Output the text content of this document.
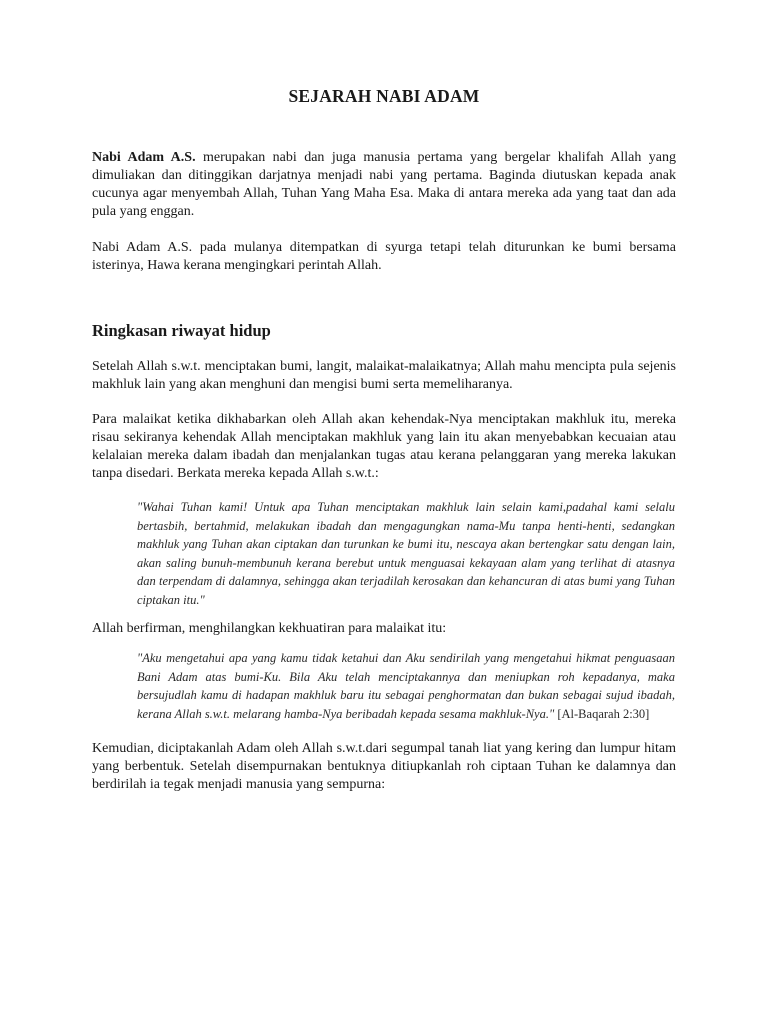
SEJARAH NABI ADAM

Nabi Adam A.S. merupakan nabi dan juga manusia pertama yang bergelar khalifah Allah yang dimuliakan dan ditinggikan darjatnya menjadi nabi yang pertama. Baginda diutuskan kepada anak cucunya agar menyembah Allah, Tuhan Yang Maha Esa. Maka di antara mereka ada yang taat dan ada pula yang enggan.

Nabi Adam A.S. pada mulanya ditempatkan di syurga tetapi telah diturunkan ke bumi bersama isterinya, Hawa kerana mengingkari perintah Allah.

Ringkasan riwayat hidup

Setelah Allah s.w.t. menciptakan bumi, langit, malaikat-malaikatnya; Allah mahu mencipta pula sejenis makhluk lain yang akan menghuni dan mengisi bumi serta memeliharanya.

Para malaikat ketika dikhabarkan oleh Allah akan kehendak-Nya menciptakan makhluk itu, mereka risau sekiranya kehendak Allah menciptakan makhluk yang lain itu akan menyebabkan kecuaian atau kelalaian mereka dalam ibadah dan menjalankan tugas atau kerana pelanggaran yang mereka lakukan tanpa disedari. Berkata mereka kepada Allah s.w.t.:

"Wahai Tuhan kami! Untuk apa Tuhan menciptakan makhluk lain selain kami,padahal kami selalu bertasbih, bertahmid, melakukan ibadah dan mengagungkan nama-Mu tanpa henti-henti, sedangkan makhluk yang Tuhan akan ciptakan dan turunkan ke bumi itu, nescaya akan bertengkar satu dengan lain, akan saling bunuh-membunuh kerana berebut untuk menguasai kekayaan alam yang terlihat di atasnya dan terpendam di dalamnya, sehingga akan terjadilah kerosakan dan kehancuran di atas bumi yang Tuhan ciptakan itu."

Allah berfirman, menghilangkan kekhuatiran para malaikat itu:

"Aku mengetahui apa yang kamu tidak ketahui dan Aku sendirilah yang mengetahui hikmat penguasaan Bani Adam atas bumi-Ku. Bila Aku telah menciptakannya dan meniupkan roh kepadanya, maka bersujudlah kamu di hadapan makhluk baru itu sebagai penghormatan dan bukan sebagai sujud ibadah, kerana Allah s.w.t. melarang hamba-Nya beribadah kepada sesama makhluk-Nya." [Al-Baqarah 2:30]

Kemudian, diciptakanlah Adam oleh Allah s.w.t.dari segumpal tanah liat yang kering dan lumpur hitam yang berbentuk. Setelah disempurnakan bentuknya ditiupkanlah roh ciptaan Tuhan ke dalamnya dan berdirilah ia tegak menjadi manusia yang sempurna:
